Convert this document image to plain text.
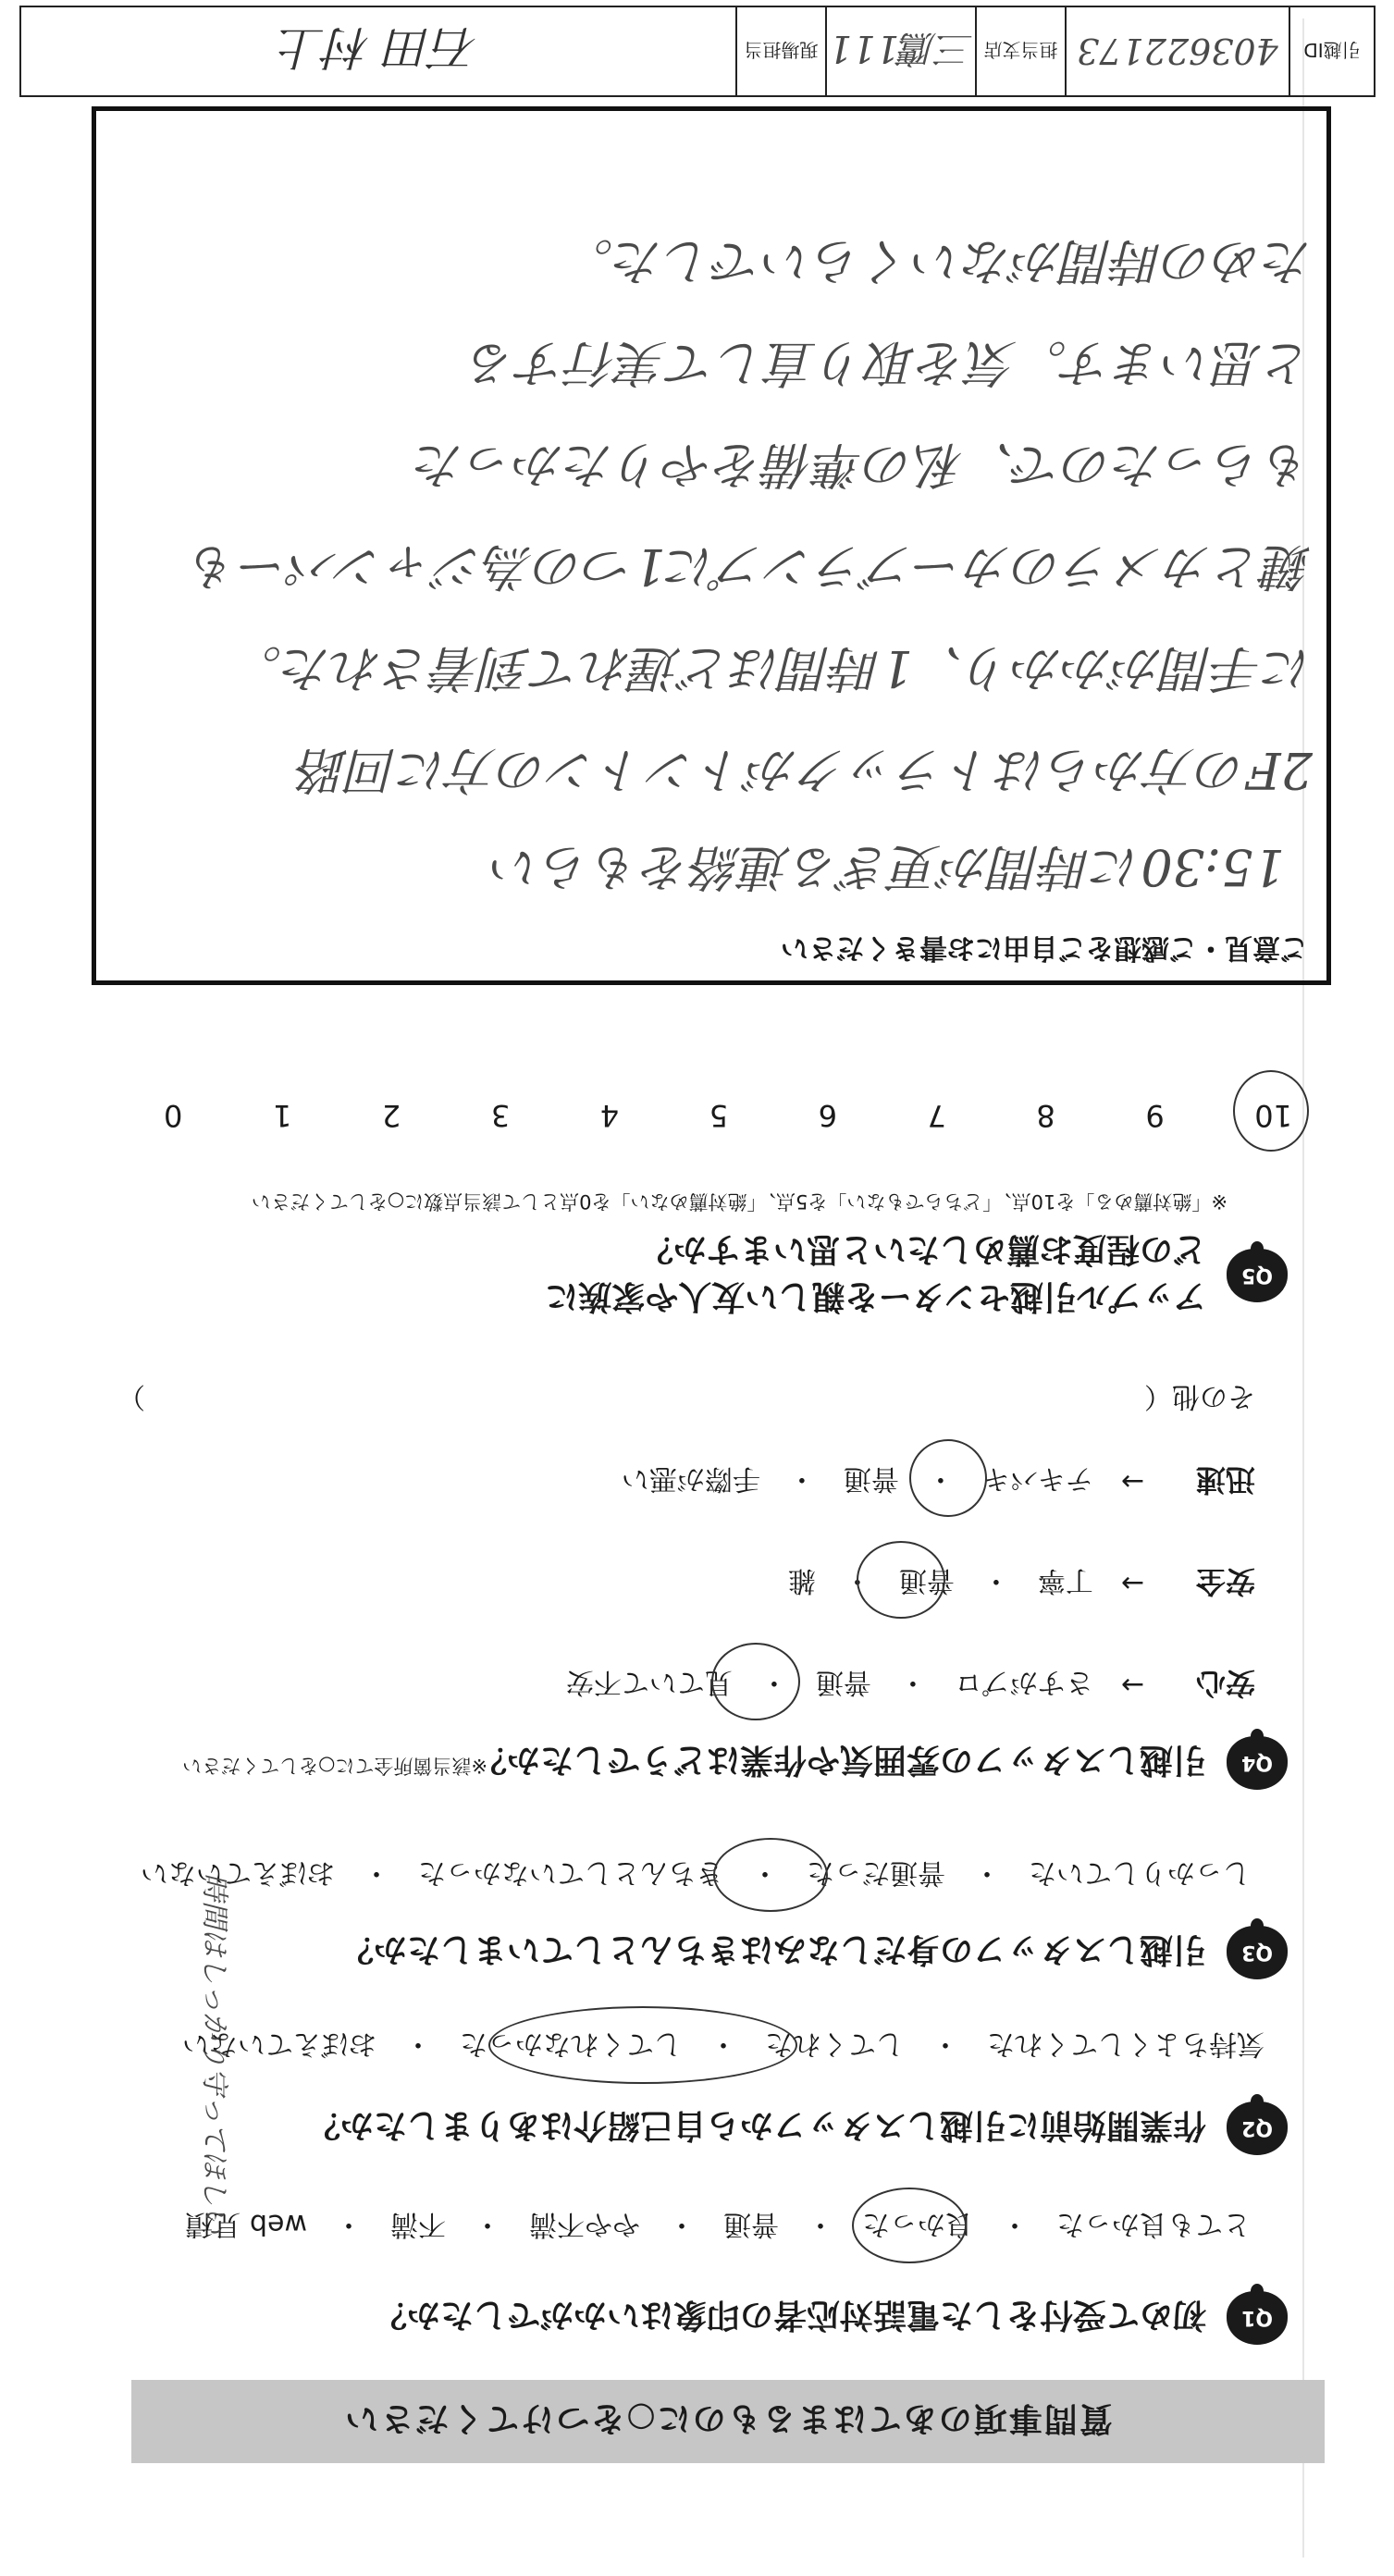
質問事項のあてはまるものに○をつけてください
Q1
初めて受付をした電話対応者の印象はいかがでしたか？
とても良かった　・　良かった　・　普通　・　やや不満　・　不満　・　web 見積
Q2
作業開始前に引越しスタッフから自己紹介はありましたか？
気持ちよくしてくれた　・　してくれた　・　してくれなかった　・　おぼえていない
Q3
引越しスタッフの身だしなみはきちんとしていましたか？
しっかりしていた　・　普通だった　・　きちんとしていなかった　・　おぼえていない
Q4
引越しスタッフの雰囲気や作業はどうでしたか？
※該当箇所全てに○をしてください
安心
→
さすがプロ　・　普通　・　見ていて不安
安全
→
丁寧　・　普通　・　雑
迅速
→
テキパキ　・　普通　・　手際が悪い
その他（　　　　　　　　　　　　　　　　　　　　　　　　　　　　　　　　　　　　）
Q5
アップル引越センターを親しい友人や家族に
どの程度お薦めしたいと思いますか？
※「絶対薦める」を10点、「どちらでもない」を5点、「絶対薦めない」を0点として該当点数に○をしてください
10
9
8
7
6
5
4
3
2
1
0
ご意見・ご感想をご自由にお書きください
15:30に時間が更ぎる連絡をもらい
2Fの方からはトラックがトントンの方に回路
に手間がかかり、1時間ほど遅れて到着された。
鍵とカメラのカーブランプに1つの為ジャンパーも
もらったので、私の準備をやりたかった
と思います。気を取り直して実行する
ための時間がないくらいでした。
時間はしっかり守ってほしい
引越ID
403622173
担当支店
三鷹111
現場担当
石田 村上
